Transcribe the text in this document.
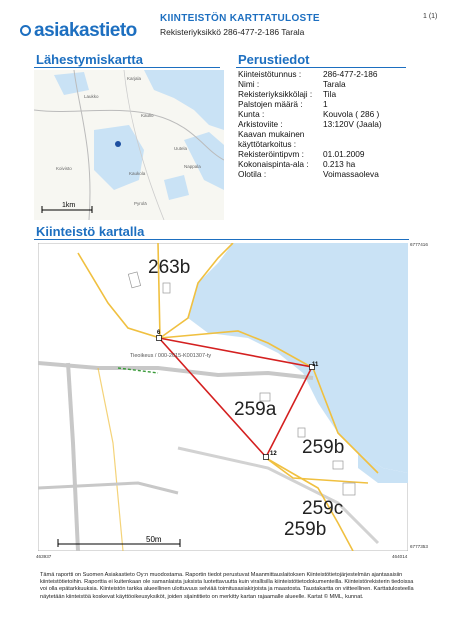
asiakastieto
KIINTEISTÖN KARTTATULOSTE
Rekisteriyksikkö 286-477-2-186 Tarala
1 (1)
Lähestymiskartta
Karjala
Laukko
Kaulio
Nappala
Kaukola
Uutela
Koivisto
Pyrolä
1km
Perustiedot
Kiinteistötunnus :	286-477-2-186
Nimi :	Tarala
Rekisteriyksikkölaji : Tila
Palstojen määrä : 1
Kunta :	Kouvola ( 286 )
Arkistoviite :	13:120V (Jaala)
Kaavan mukainen käyttötarkoitus :
Rekisteröintipvm : 01.01.2009
Kokonaispinta-ala : 0.213 ha
Olotila :	Voimassaoleva
Kiinteistö kartalla
6777416
6777353
463937	464014
6
11
12
Tieoikeus / 000-2015-K001307-ty
263b
259a
259b
259c
259b
50m
Tämä raportti on Suomen Asiakastieto Oy:n muodostama. Raportin tiedot perustuvat Maanmittauslaitoksen Kiinteistötietojärjestelmän ajantasaisiin kiinteistötietoihin. Raporttia ei kuitenkaan ole samanlaista juksista luotettavuutta kuin virallisilla kiinteistötietodokumenteilla. Kiinteistörekisterin tiedoissa voi olla epätarkkuuksia. Kiinteistön tarkka alueellinen ulottuvuus selviää toimitusasiakirjoista ja maastosta. Taustakartta on viitteellinen. Karttatulosteella näytetään kiinteistöä koskevat käyttöoikeusyksiköt, joiden sijaintitieto on merkitty kartan rajaamalle alueelle. Kartat © MML, kunnat.
